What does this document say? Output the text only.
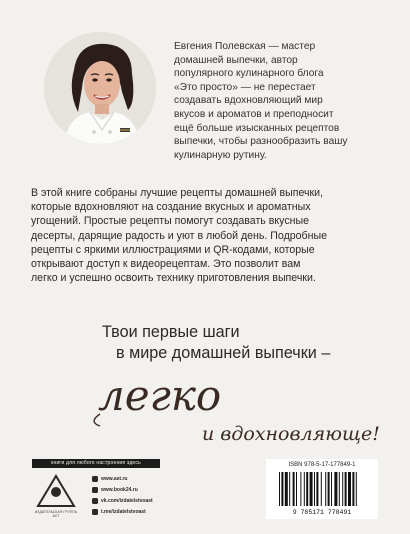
Евгения Полевская — мастер
домашней выпечки, автор
популярного кулинарного блога
«Это просто» — не перестает
создавать вдохновляющий мир
вкусов и ароматов и преподносит
ещё больше изысканных рецептов
выпечки, чтобы разнообразить вашу
кулинарную рутину.
В этой книге собраны лучшие рецепты домашней выпечки,
которые вдохновляют на создание вкусных и ароматных
угощений. Простые рецепты помогут создавать вкусные
десерты, дарящие радость и уют в любой день. Подробные
рецепты с яркими иллюстрациями и QR-кодами, которые
открывают доступ к видеорецептам. Это позволит вам
легко и успешно освоить технику приготовления выпечки.
Твои первые шаги
в мире домашней выпечки –
легко
и вдохновляюще!
книги для любого настроения здесь
ИЗДАТЕЛЬСКАЯ ГРУППА АСТ
www.ast.ru
www.book24.ru
vk.com/izdatelstvoast
t.me/izdatelstvoast
ISBN 978-5-17-177849-1
9 785171 778491
